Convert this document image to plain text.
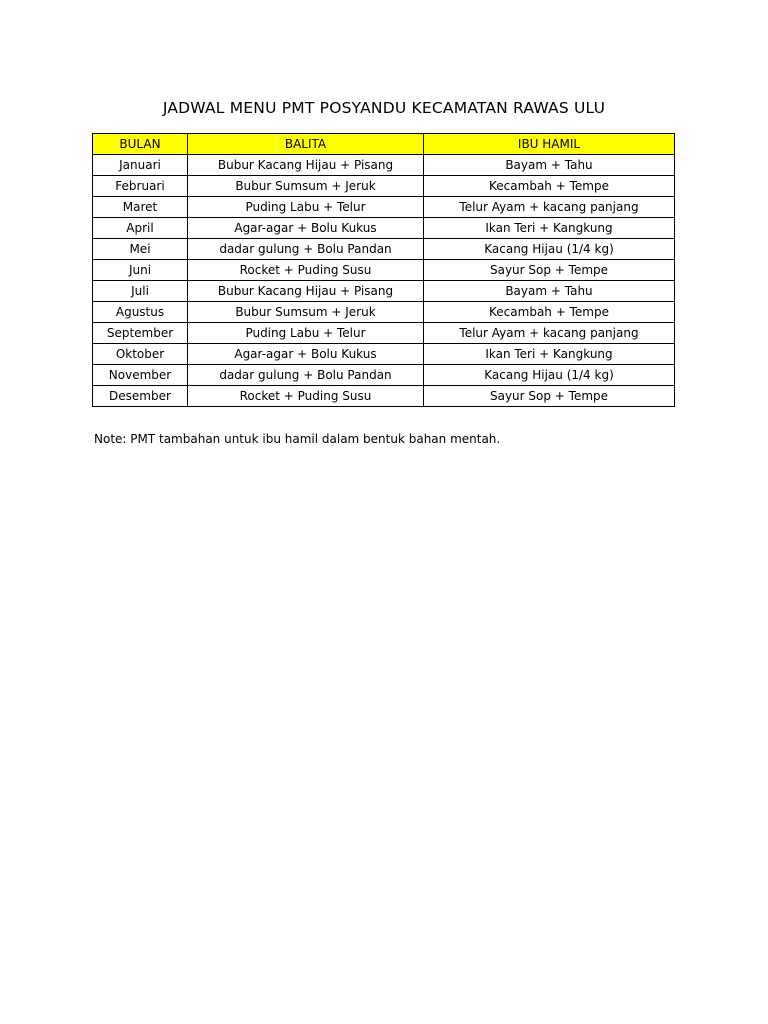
JADWAL MENU PMT POSYANDU KECAMATAN RAWAS ULU
BULAN	BALITA	IBU HAMIL
Januari	Bubur Kacang Hijau + Pisang	Bayam + Tahu
Februari	Bubur Sumsum + Jeruk	Kecambah + Tempe
Maret	Puding Labu + Telur	Telur Ayam + kacang panjang
April	Agar-agar + Bolu Kukus	Ikan Teri + Kangkung
Mei	dadar gulung + Bolu Pandan	Kacang Hijau (1/4 kg)
Juni	Rocket + Puding Susu	Sayur Sop + Tempe
Juli	Bubur Kacang Hijau + Pisang	Bayam + Tahu
Agustus	Bubur Sumsum + Jeruk	Kecambah + Tempe
September	Puding Labu + Telur	Telur Ayam + kacang panjang
Oktober	Agar-agar + Bolu Kukus	Ikan Teri + Kangkung
November	dadar gulung + Bolu Pandan	Kacang Hijau (1/4 kg)
Desember	Rocket + Puding Susu	Sayur Sop + Tempe
Note: PMT tambahan untuk ibu hamil dalam bentuk bahan mentah.
